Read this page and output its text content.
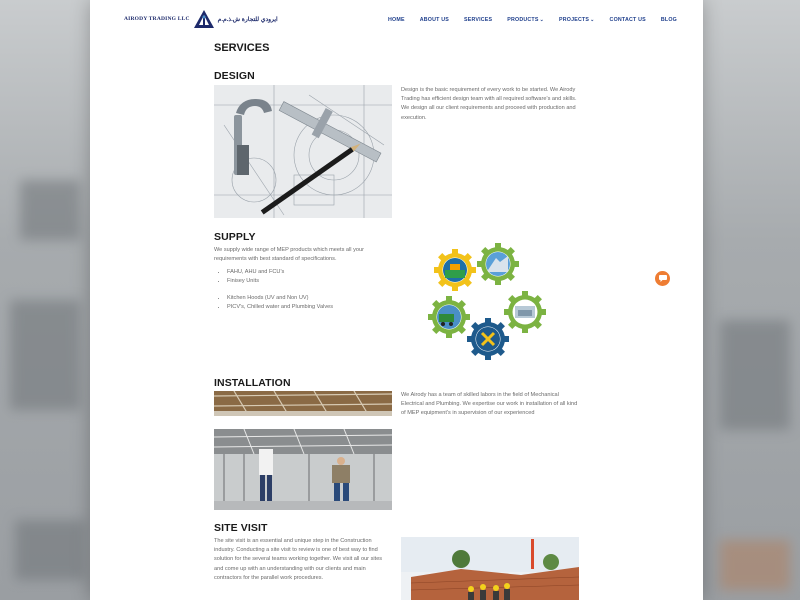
AIRODY TRADING LLC	ايرودي للتجارة ش.ذ.م.م	HOME	ABOUT US	SERVICES	PRODUCTS⌄	PROJECTS⌄	CONTACT US	BLOG
SERVICES
DESIGN
Design is the basic requirement of every work to be started. We Airody Trading has efficient design team with all required software's and skills. We design all our client requirements and proceed with production and execution.
SUPPLY
We supply wide range of MEP products which meets all your requirements with best standard of specifications.
• FAHU, AHU and FCU's
• Finisey Units
• Kitchen Hoods (UV and Non UV)
• PICV's, Chilled water and Plumbing Valves
INSTALLATION
We Airody has a team of skilled labors in the field of Mechanical Electrical and Plumbing. We expertise our work in installation of all kind of MEP equipment's in supervision of our experienced
SITE VISIT
The site visit is an essential and unique step in the Construction industry. Conducting a site visit to review is one of best way to find solution for the several teams working together. We visit all our sites and come up with an understanding with our clients and main contractors for the parallel work procedures.
